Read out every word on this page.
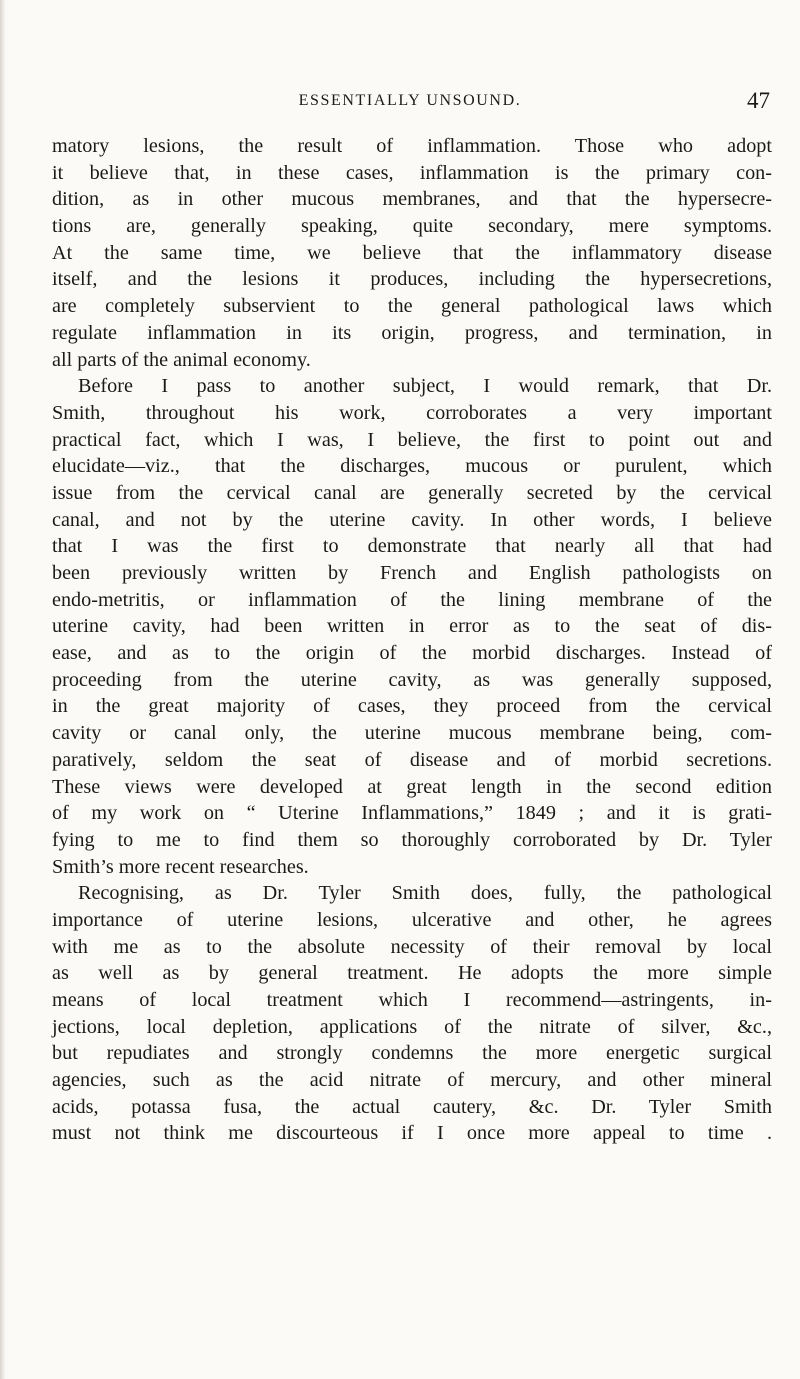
ESSENTIALLY UNSOUND.	47
matory lesions, the result of inflammation. Those who adopt
it believe that, in these cases, inflammation is the primary con-
dition, as in other mucous membranes, and that the hypersecre-
tions are, generally speaking, quite secondary, mere symptoms.
At the same time, we believe that the inflammatory disease
itself, and the lesions it produces, including the hypersecretions,
are completely subservient to the general pathological laws which
regulate inflammation in its origin, progress, and termination, in
all parts of the animal economy.
Before I pass to another subject, I would remark, that Dr.
Smith, throughout his work, corroborates a very important
practical fact, which I was, I believe, the first to point out and
elucidate—viz., that the discharges, mucous or purulent, which
issue from the cervical canal are generally secreted by the cervical
canal, and not by the uterine cavity. In other words, I believe
that I was the first to demonstrate that nearly all that had
been previously written by French and English pathologists on
endo-metritis, or inflammation of the lining membrane of the
uterine cavity, had been written in error as to the seat of dis-
ease, and as to the origin of the morbid discharges. Instead of
proceeding from the uterine cavity, as was generally supposed,
in the great majority of cases, they proceed from the cervical
cavity or canal only, the uterine mucous membrane being, com-
paratively, seldom the seat of disease and of morbid secretions.
These views were developed at great length in the second edition
of my work on “ Uterine Inflammations,” 1849 ; and it is grati-
fying to me to find them so thoroughly corroborated by Dr. Tyler
Smith’s more recent researches.
Recognising, as Dr. Tyler Smith does, fully, the pathological
importance of uterine lesions, ulcerative and other, he agrees
with me as to the absolute necessity of their removal by local
as well as by general treatment. He adopts the more simple
means of local treatment which I recommend—astringents, in-
jections, local depletion, applications of the nitrate of silver, &c.,
but repudiates and strongly condemns the more energetic surgical
agencies, such as the acid nitrate of mercury, and other mineral
acids, potassa fusa, the actual cautery, &c. Dr. Tyler Smith
must not think me discourteous if I once more appeal to time .
